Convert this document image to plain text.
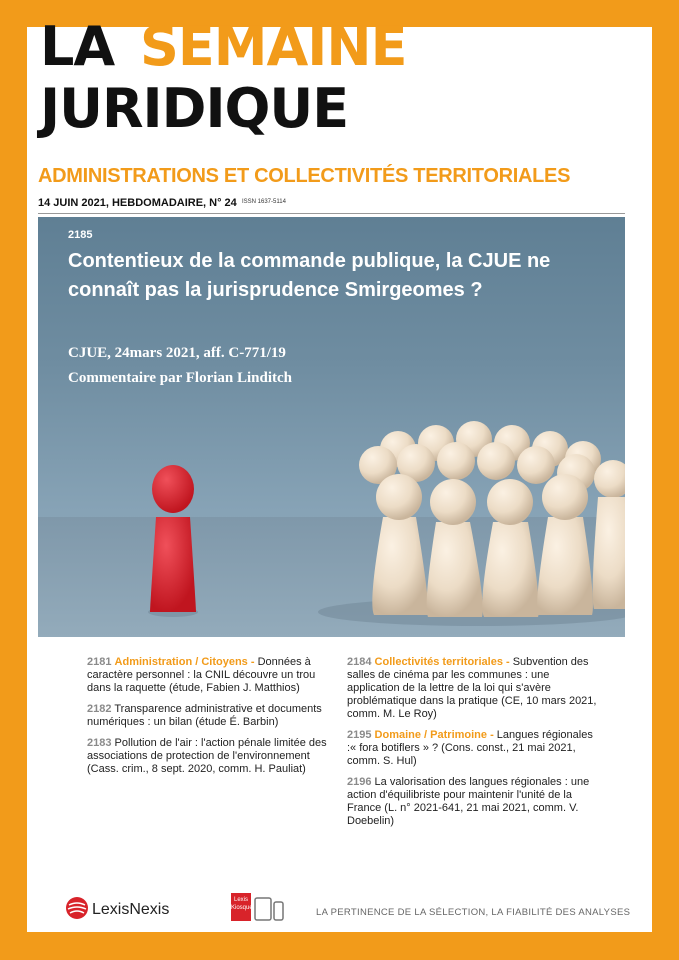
LA SEMAINE
JURIDIQUE
ADMINISTRATIONS ET COLLECTIVITÉS TERRITORIALES
14 JUIN 2021, HEBDOMADAIRE, N° 24 ISSN 1637-5114
2185
Contentieux de la commande publique, la CJUE ne connaît pas la jurisprudence Smirgeomes ?
CJUE, 24mars 2021, aff. C-771/19
Commentaire par Florian Linditch
2181 Administration / Citoyens - Données à caractère personnel : la CNIL découvre un trou dans la raquette (étude, Fabien J. Matthios)
2182 Transparence administrative et documents numériques : un bilan (étude É. Barbin)
2183 Pollution de l'air : l'action pénale limitée des associations de protection de l'environnement (Cass. crim., 8 sept. 2020, comm. H. Pauliat)
2184 Collectivités territoriales - Subvention des salles de cinéma par les communes : une application de la lettre de la loi qui s'avère problématique dans la pratique (CE, 10 mars 2021, comm. M. Le Roy)
2195 Domaine / Patrimoine - Langues régionales :« fora botiflers » ? (Cons. const., 21 mai 2021, comm. S. Hul)
2196 La valorisation des langues régionales : une action d'équilibriste pour maintenir l'unité de la France (L. n° 2021-641, 21 mai 2021, comm. V. Doebelin)
LexisNexis
Lexis Kiosque	LA PERTINENCE DE LA SÉLECTION, LA FIABILITÉ DES ANALYSES
